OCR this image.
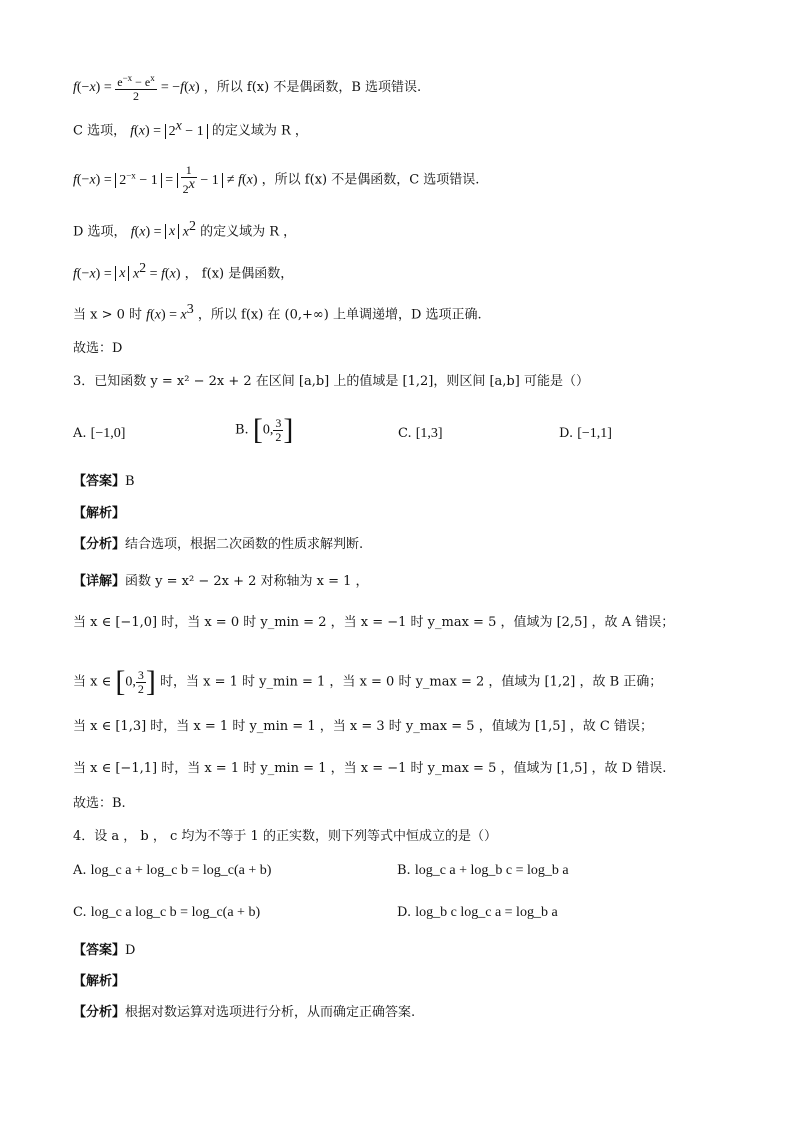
$f(-x) = \frac{e^{-x} - e^x}{2} = -f(x)$ ，所以 f(x) 不是偶函数，B 选项错误.
C 选项， $f(x) = 2^x - 1$ 的定义域为 R ，
$f(-x) = 2^{-x} - 1 = \frac{1}{2^x} - 1 \ne f(x)$ ，所以 f(x) 不是偶函数，C 选项错误.
D 选项， f(x) = x $x^2$ 的定义域为 R ，
f(−x) = x $x^2 = f(x)$ ， f(x) 是偶函数，
当 x > 0 时 $f(x) = x^3$ ，所以 f(x) 在 (0,+∞) 上单调递增，D 选项正确.
故选：D
3．已知函数 y = x² − 2x + 2 在区间 [a,b] 上的值域是 [1,2]，则区间 [a,b] 可能是（）
A. [−1,0]	B. [0, $\frac{3}{2}$ ]	C. [1,3]	D. [−1,1]
【答案】B
【解析】
【分析】结合选项，根据二次函数的性质求解判断.
【详解】函数 y = x² − 2x + 2 对称轴为 x = 1 ，
当 x ∈ [−1,0] 时，当 x = 0 时 y_min = 2 ，当 x = −1 时 y_max = 5 ，值域为 [2,5] ，故 A 错误；
当 x ∈ [0, $\frac{3}{2}$ ] 时，当 x = 1 时 y_min = 1 ，当 x = 0 时 y_max = 2 ，值域为 [1,2] ，故 B 正确；
当 x ∈ [1,3] 时，当 x = 1 时 y_min = 1 ，当 x = 3 时 y_max = 5 ，值域为 [1,5] ，故 C 错误；
当 x ∈ [−1,1] 时，当 x = 1 时 y_min = 1 ，当 x = −1 时 y_max = 5 ，值域为 [1,5] ，故 D 错误.
故选：B.
4．设 a ， b ， c 均为不等于 1 的正实数，则下列等式中恒成立的是（）
A. log_c a + log_c b = log_c(a + b)	B. log_c a + log_b c = log_b a
C. log_c a log_c b = log_c(a + b)	D. log_b c log_c a = log_b a
【答案】D
【解析】
【分析】根据对数运算对选项进行分析，从而确定正确答案.
